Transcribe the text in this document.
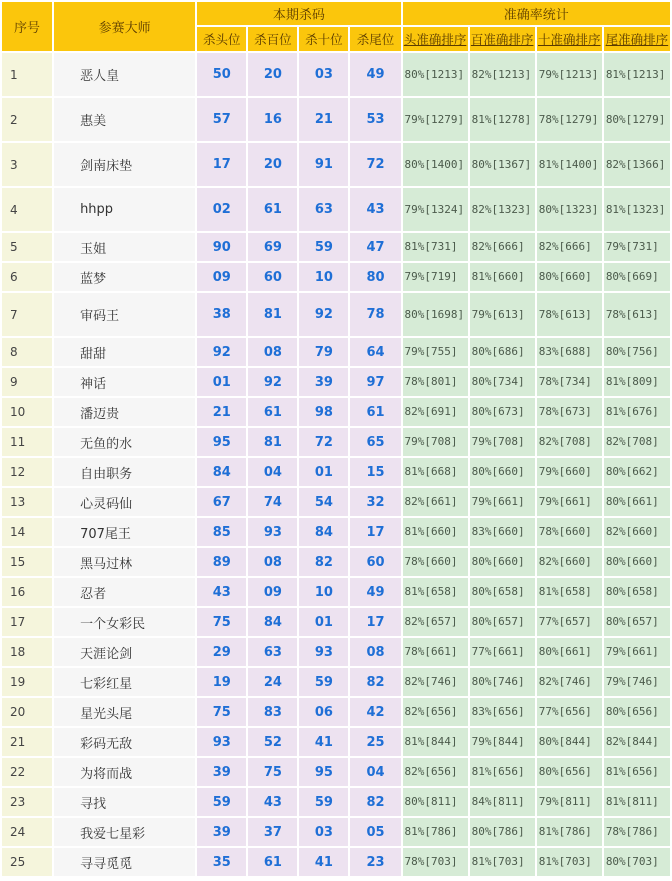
序号	参赛大师	本期杀码				准确率统计			
		杀头位	杀百位	杀十位	杀尾位	头准确排序	百准确排序	十准确排序	尾准确排序
1	恶人皇	50	20	03	49	80%[1213]	82%[1213]	79%[1213]	81%[1213]
2	惠美	57	16	21	53	79%[1279]	81%[1278]	78%[1279]	80%[1279]
3	剑南床垫	17	20	91	72	80%[1400]	80%[1367]	81%[1400]	82%[1366]
4	hhpp	02	61	63	43	79%[1324]	82%[1323]	80%[1323]	81%[1323]
5	玉姐	90	69	59	47	81%[731]	82%[666]	82%[666]	79%[731]
6	蓝梦	09	60	10	80	79%[719]	81%[660]	80%[660]	80%[669]
7	审码王	38	81	92	78	80%[1698]	79%[613]	78%[613]	78%[613]
8	甜甜	92	08	79	64	79%[755]	80%[686]	83%[688]	80%[756]
9	神话	01	92	39	97	78%[801]	80%[734]	78%[734]	81%[809]
10	潘迈贵	21	61	98	61	82%[691]	80%[673]	78%[673]	81%[676]
11	无鱼的水	95	81	72	65	79%[708]	79%[708]	82%[708]	82%[708]
12	自由职务	84	04	01	15	81%[668]	80%[660]	79%[660]	80%[662]
13	心灵码仙	67	74	54	32	82%[661]	79%[661]	79%[661]	80%[661]
14	707尾王	85	93	84	17	81%[660]	83%[660]	78%[660]	82%[660]
15	黑马过林	89	08	82	60	78%[660]	80%[660]	82%[660]	80%[660]
16	忍者	43	09	10	49	81%[658]	80%[658]	81%[658]	80%[658]
17	一个女彩民	75	84	01	17	82%[657]	80%[657]	77%[657]	80%[657]
18	天涯论剑	29	63	93	08	78%[661]	77%[661]	80%[661]	79%[661]
19	七彩红星	19	24	59	82	82%[746]	80%[746]	82%[746]	79%[746]
20	星光头尾	75	83	06	42	82%[656]	83%[656]	77%[656]	80%[656]
21	彩码无敌	93	52	41	25	81%[844]	79%[844]	80%[844]	82%[844]
22	为将而战	39	75	95	04	82%[656]	81%[656]	80%[656]	81%[656]
23	寻找	59	43	59	82	80%[811]	84%[811]	79%[811]	81%[811]
24	我爱七星彩	39	37	03	05	81%[786]	80%[786]	81%[786]	78%[786]
25	寻寻觅觅	35	61	41	23	78%[703]	81%[703]	81%[703]	80%[703]
